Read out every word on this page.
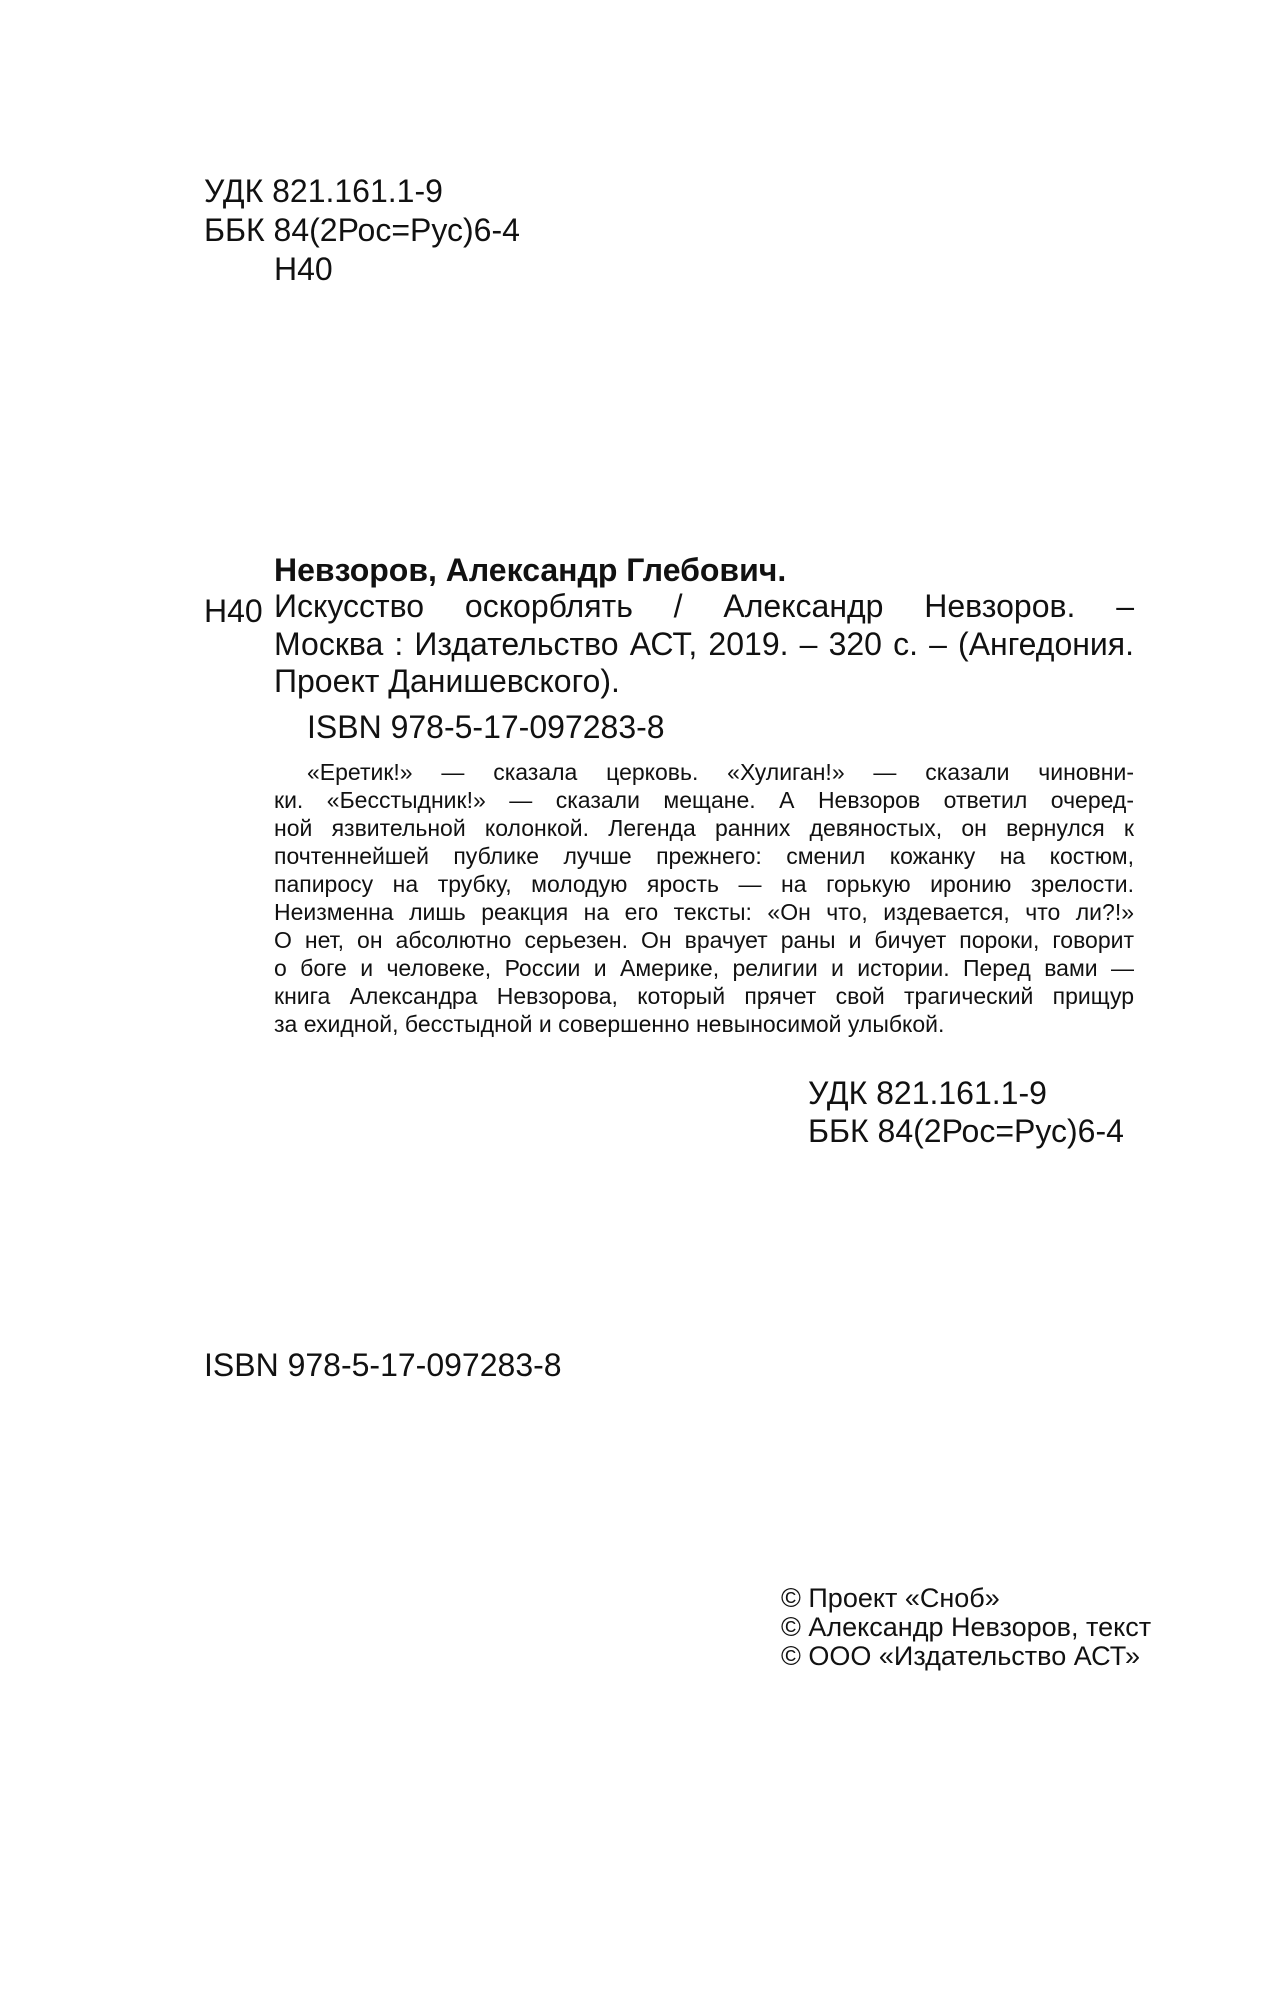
УДК 821.161.1-9

ББК 84(2Рос=Рус)6-4

Н40

Невзоров, Александр Глебович.

Н40 Искусство оскорблять / Александр Невзоров. –
Москва : Издательство АСТ, 2019. – 320 с. – (Ангедония.

Проект Данишевского).

ISBN 978-5-17-097283-8

«Еретик!» — сказала церковь. «Хулиган!» — сказали чиновни-
ки. «Бесстыдник!» — сказали мещане. А Невзоров ответил очеред-
ной язвительной колонкой. Легенда ранних девяностых, он вернулся к
почтеннейшей публике лучше прежнего: сменил кожанку на костюм,
папиросу на трубку, молодую ярость — на горькую иронию зрелости.
Неизменна лишь реакция на его тексты: «Он что, издевается, что ли?!»
О нет, он абсолютно серьезен. Он врачует раны и бичует пороки, говорит
о боге и человеке, России и Америке, религии и истории. Перед вами —
книга Александра Невзорова, который прячет свой трагический прищур

за ехидной, бесстыдной и совершенно невыносимой улыбкой.

УДК 821.161.1-9

ББК 84(2Рос=Рус)6-4

ISBN 978-5-17-097283-8

© Проект «Сноб»

© Александр Невзоров, текст

© ООО «Издательство АСТ»
